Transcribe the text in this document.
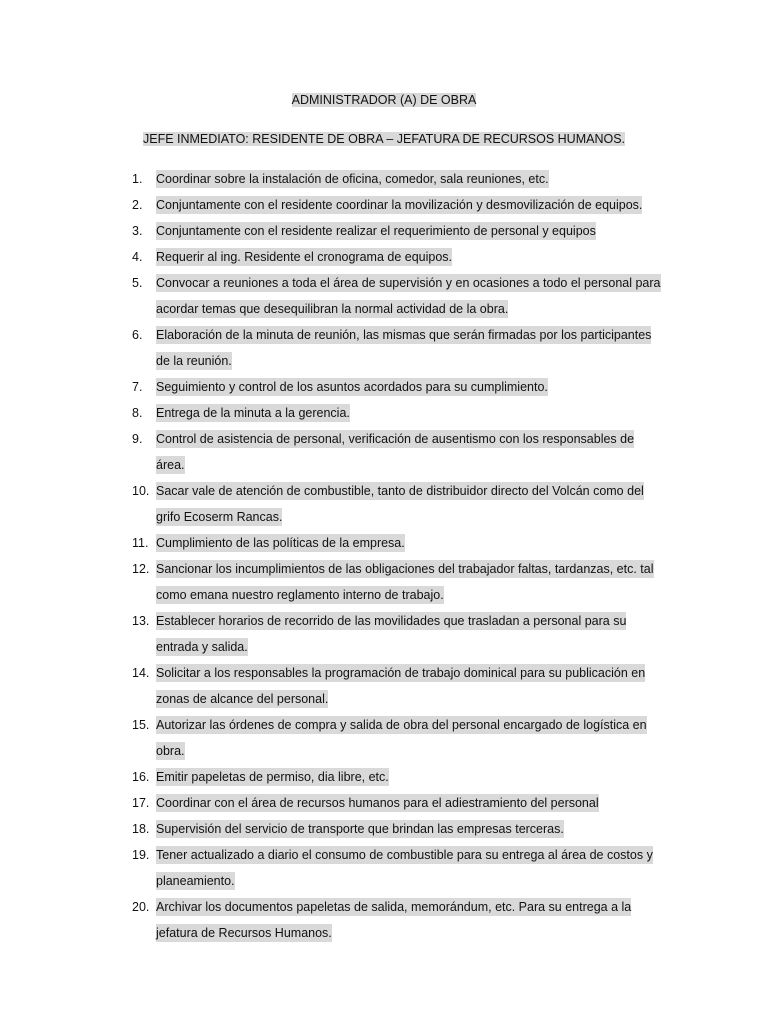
ADMINISTRADOR (A) DE OBRA
JEFE INMEDIATO: RESIDENTE DE OBRA – JEFATURA DE RECURSOS HUMANOS.
1.	Coordinar sobre la instalación de oficina, comedor, sala reuniones, etc.
2.	Conjuntamente con el residente coordinar la movilización y desmovilización de equipos.
3.	Conjuntamente con el residente realizar el requerimiento de personal y equipos
4.	Requerir al ing. Residente el cronograma de equipos.
5.	Convocar a reuniones a toda el área de supervisión y en ocasiones a todo el personal para acordar temas que desequilibran la normal actividad de la obra.
6.	Elaboración de la minuta de reunión, las mismas que serán firmadas por los participantes de la reunión.
7.	Seguimiento y control de los asuntos acordados para su cumplimiento.
8.	Entrega de la minuta a la gerencia.
9.	Control de asistencia de personal, verificación de ausentismo con los responsables de área.
10. Sacar vale de atención de combustible, tanto de distribuidor directo del Volcán como del grifo Ecoserm Rancas.
11. Cumplimiento de las políticas de la empresa.
12. Sancionar los incumplimientos de las obligaciones del trabajador faltas, tardanzas, etc. tal como emana nuestro reglamento interno de trabajo.
13. Establecer horarios de recorrido de las movilidades que trasladan a personal para su entrada y salida.
14. Solicitar a los responsables la programación de trabajo dominical para su publicación en zonas de alcance del personal.
15. Autorizar las órdenes de compra y salida de obra del personal encargado de logística en obra.
16. Emitir papeletas de permiso, dia libre, etc.
17. Coordinar con el área de recursos humanos para el adiestramiento del personal
18. Supervisión del servicio de transporte que brindan las empresas terceras.
19. Tener actualizado a diario el consumo de combustible para su entrega al área de costos y planeamiento.
20. Archivar los documentos papeletas de salida, memorándum, etc. Para su entrega a la jefatura de Recursos Humanos.
